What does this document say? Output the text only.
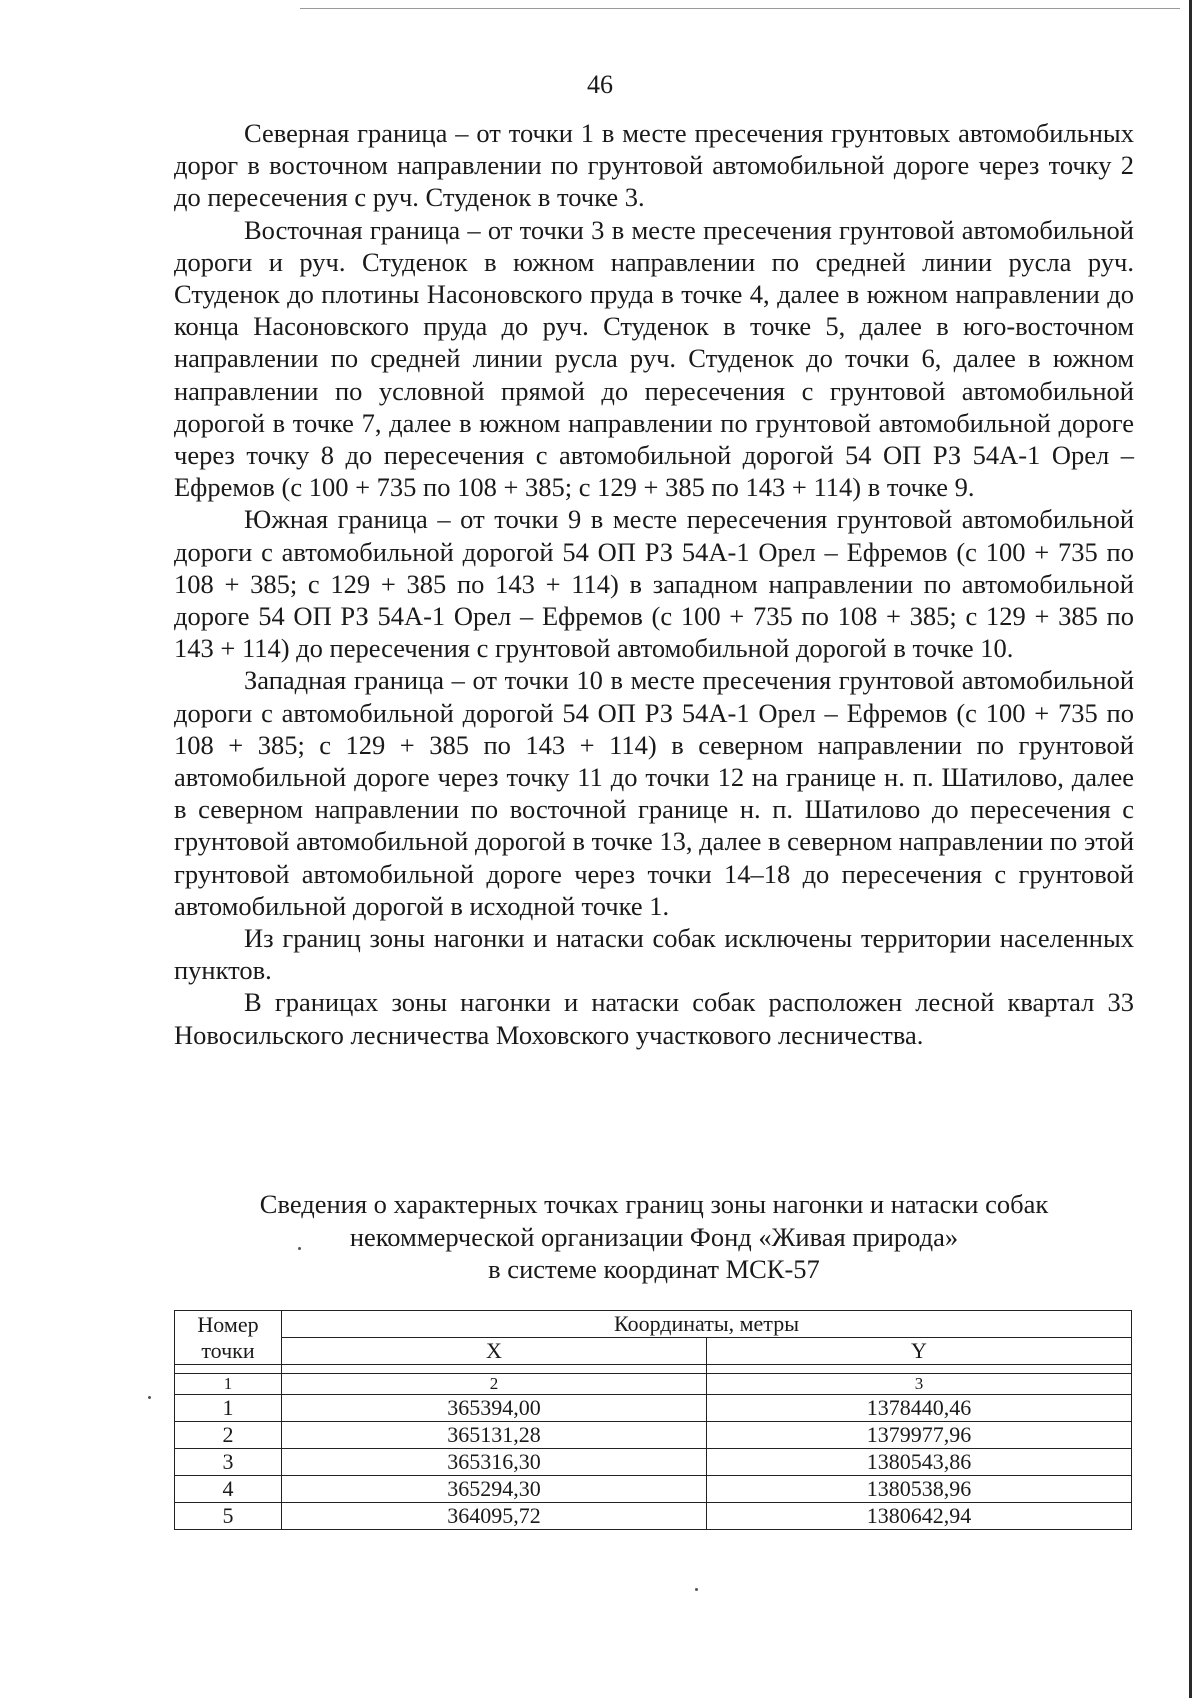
46

Северная граница – от точки 1 в месте пресечения грунтовых автомобильных дорог в восточном направлении по грунтовой автомобильной дороге через точку 2 до пересечения с руч. Студенок в точке 3.

Восточная граница – от точки 3 в месте пресечения грунтовой автомобильной дороги и руч. Студенок в южном направлении по средней линии русла руч. Студенок до плотины Насоновского пруда в точке 4, далее в южном направлении до конца Насоновского пруда до руч. Студенок в точке 5, далее в юго-восточном направлении по средней линии русла руч. Студенок до точки 6, далее в южном направлении по условной прямой до пересечения с грунтовой автомобильной дорогой в точке 7, далее в южном направлении по грунтовой автомобильной дороге через точку 8 до пересечения с автомобильной дорогой 54 ОП РЗ 54А-1 Орел – Ефремов (с 100 + 735 по 108 + 385; с 129 + 385 по 143 + 114) в точке 9.

Южная граница – от точки 9 в месте пересечения грунтовой автомобильной дороги с автомобильной дорогой 54 ОП РЗ 54А-1 Орел – Ефремов (с 100 + 735 по 108 + 385; с 129 + 385 по 143 + 114) в западном направлении по автомобильной дороге 54 ОП РЗ 54А-1 Орел – Ефремов (с 100 + 735 по 108 + 385; с 129 + 385 по 143 + 114) до пересечения с грунтовой автомобильной дорогой в точке 10.

Западная граница – от точки 10 в месте пресечения грунтовой автомобильной дороги с автомобильной дорогой 54 ОП РЗ 54А-1 Орел – Ефремов (с 100 + 735 по 108 + 385; с 129 + 385 по 143 + 114) в северном направлении по грунтовой автомобильной дороге через точку 11 до точки 12 на границе н. п. Шатилово, далее в северном направлении по восточной границе н. п. Шатилово до пересечения с грунтовой автомобильной дорогой в точке 13, далее в северном направлении по этой грунтовой автомобильной дороге через точки 14–18 до пересечения с грунтовой автомобильной дорогой в исходной точке 1.

Из границ зоны нагонки и натаски собак исключены территории населенных пунктов.

В границах зоны нагонки и натаски собак расположен лесной квартал 33 Новосильского лесничества Моховского участкового лесничества.

Сведения о характерных точках границ зоны нагонки и натаски собак
некоммерческой организации Фонд «Живая природа»
в системе координат МСК-57
Номер точки	Координаты, метры	
	X	Y

1	2	3
1	365394,00	1378440,46
2	365131,28	1379977,96
3	365316,30	1380543,86
4	365294,30	1380538,96
5	364095,72	1380642,94
